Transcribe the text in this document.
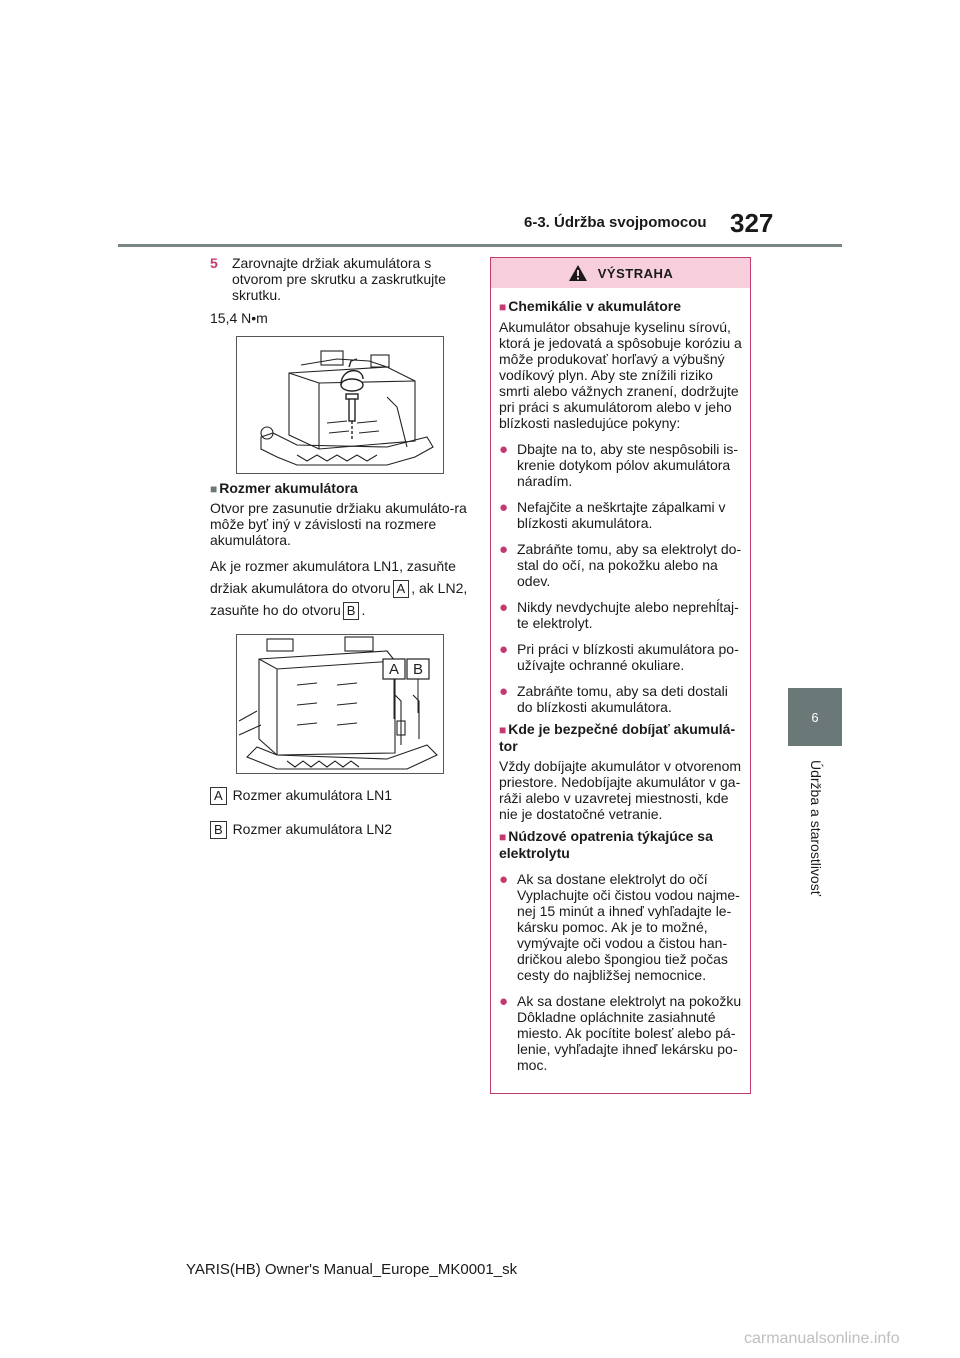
6-3. Údržba svojpomocou 327
6
Údržba a starostlivosť
5 Zarovnajte držiak akumulátora s otvorom pre skrutku a zaskrutkujte skrutku.
15,4 N•m
■ Rozmer akumulátora
Otvor pre zasunutie držiaku akumuláto-ra môže byť iný v závislosti na rozmere akumulátora.
Ak je rozmer akumulátora LN1, zasuňte držiak akumulátora do otvoru A , ak LN2, zasuňte ho do otvoru B .
A B
A Rozmer akumulátora LN1
B Rozmer akumulátora LN2
VÝSTRAHA
■ Chemikálie v akumulátore
Akumulátor obsahuje kyselinu sírovú, ktorá je jedovatá a spôsobuje koróziu a môže produkovať horľavý a výbušný vodíkový plyn. Aby ste znížili riziko smrti alebo vážnych zranení, dodržujte pri práci s akumulátorom alebo v jeho blízkosti nasledujúce pokyny:
● Dbajte na to, aby ste nespôsobili is-krenie dotykom pólov akumulátora náradím.
● Nefajčite a neškrtajte zápalkami v blízkosti akumulátora.
● Zabráňte tomu, aby sa elektrolyt do-stal do očí, na pokožku alebo na odev.
● Nikdy nevdychujte alebo neprehĺtaj-te elektrolyt.
● Pri práci v blízkosti akumulátora po-užívajte ochranné okuliare.
● Zabráňte tomu, aby sa deti dostali do blízkosti akumulátora.
■ Kde je bezpečné dobíjať akumulá-tor
Vždy dobíjajte akumulátor v otvorenom priestore. Nedobíjajte akumulátor v ga-ráži alebo v uzavretej miestnosti, kde nie je dostatočné vetranie.
■ Núdzové opatrenia týkajúce sa elektrolytu
● Ak sa dostane elektrolyt do očí Vyplachujte oči čistou vodou najme-nej 15 minút a ihneď vyhľadajte le-kársku pomoc. Ak je to možné, vymývajte oči vodou a čistou han-dričkou alebo špongiou tiež počas cesty do najbližšej nemocnice.
● Ak sa dostane elektrolyt na pokožku Dôkladne opláchnite zasiahnuté miesto. Ak pocítite bolesť alebo pá-lenie, vyhľadajte ihneď lekársku po-moc.
YARIS(HB) Owner's Manual_Europe_MK0001_sk
carmanualsonline.info
